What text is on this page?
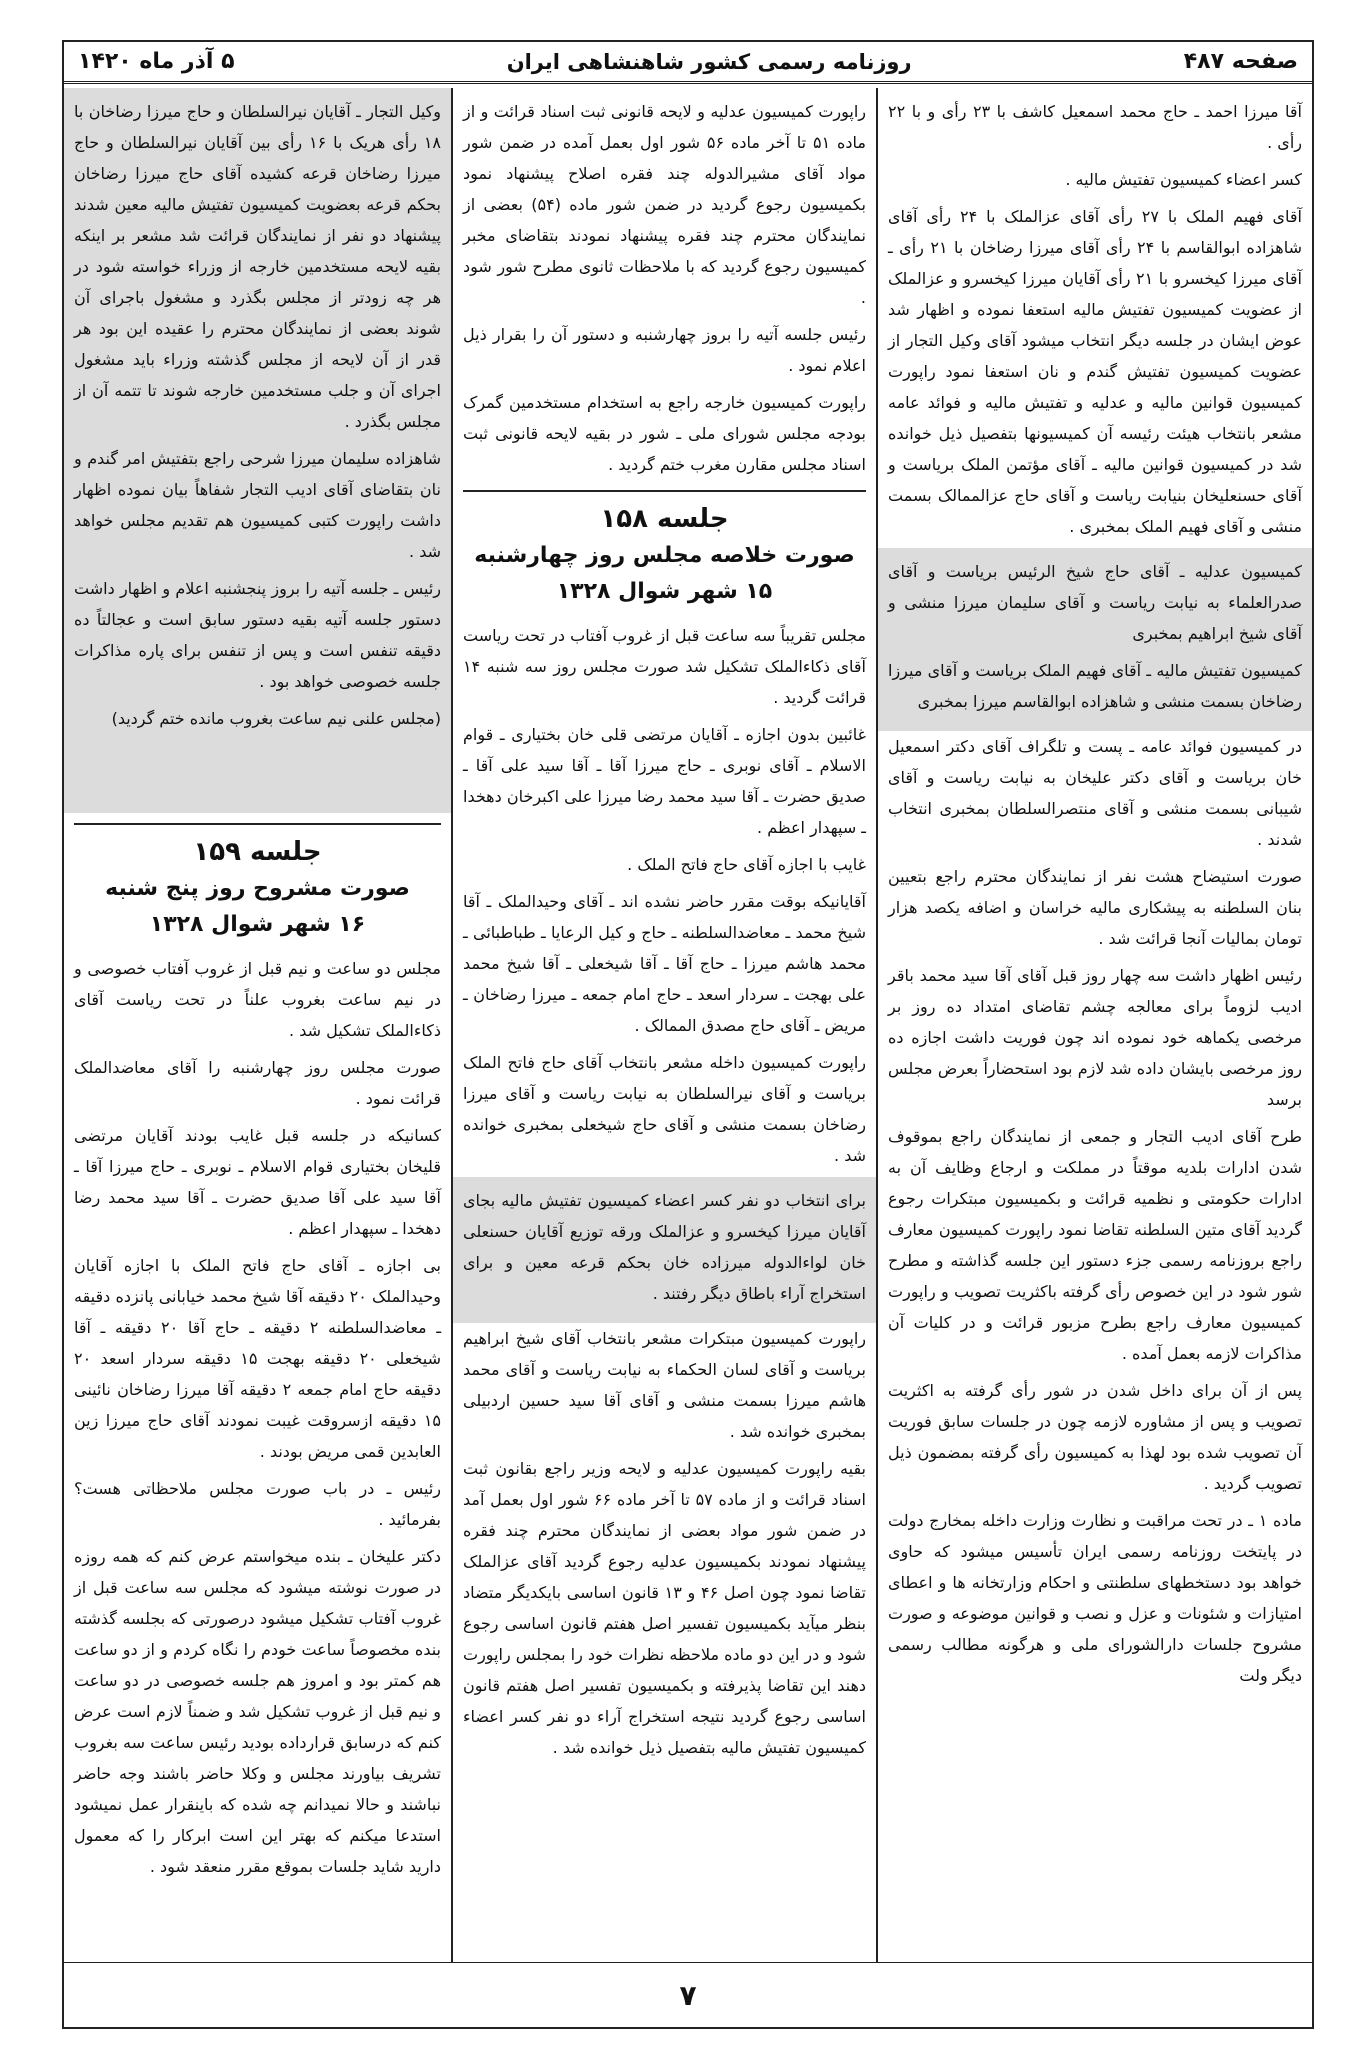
صفحه ۴۸۷
روزنامه رسمی کشور شاهنشاهی ایران
۵ آذر ماه ۱۴۲۰

آقا میرزا احمد ـ حاج محمد اسمعیل کاشف با ۲۳ رأی و با ۲۲ رأی .

کسر اعضاء کمیسیون تفتیش مالیه .

آقای فهیم الملک با ۲۷ رأی آقای عزالملک با ۲۴ رأی آقای شاهزاده ابوالقاسم با ۲۴ رأی آقای میرزا رضاخان با ۲۱ رأی ـ آقای میرزا کیخسرو با ۲۱ رأی آقایان میرزا کیخسرو و عزالملک از عضویت کمیسیون تفتیش مالیه استعفا نموده و اظهار شد عوض ایشان در جلسه دیگر انتخاب میشود آقای وکیل التجار از عضویت کمیسیون تفتیش گندم و نان استعفا نمود راپورت کمیسیون قوانین مالیه و عدلیه و تفتیش مالیه و فوائد عامه مشعر بانتخاب هیئت رئیسه آن کمیسیونها بتفصیل ذیل خوانده شد در کمیسیون قوانین مالیه ـ آقای مؤتمن الملک بریاست و آقای حسنعلیخان بنیابت ریاست و آقای حاج عزالممالک بسمت منشی و آقای فهیم الملک بمخبری .

کمیسیون عدلیه ـ آقای حاج شیخ الرئیس بریاست و آقای صدرالعلماء به نیابت ریاست و آقای سلیمان میرزا منشی و آقای شیخ ابراهیم بمخبری

کمیسیون تفتیش مالیه ـ آقای فهیم الملک بریاست و آقای میرزا رضاخان بسمت منشی و شاهزاده ابوالقاسم میرزا بمخبری

در کمیسیون فوائد عامه ـ پست و تلگراف آقای دکتر اسمعیل خان بریاست و آقای دکتر علیخان به نیابت ریاست و آقای شیبانی بسمت منشی و آقای منتصرالسلطان بمخبری انتخاب شدند .

صورت استیضاح هشت نفر از نمایندگان محترم راجع بتعیین بنان السلطنه به پیشکاری مالیه خراسان و اضافه یکصد هزار تومان بمالیات آنجا قرائت شد .

رئیس اظهار داشت سه چهار روز قبل آقای آقا سید محمد باقر ادیب لزوماً برای معالجه چشم تقاضای امتداد ده روز بر مرخصی یکماهه خود نموده اند چون فوریت داشت اجازه ده روز مرخصی بایشان داده شد لازم بود استحضاراً بعرض مجلس برسد

طرح آقای ادیب التجار و جمعی از نمایندگان راجع بموقوف شدن ادارات بلدیه موقتاً در مملکت و ارجاع وظایف آن به ادارات حکومتی و نظمیه قرائت و بکمیسیون مبتکرات رجوع گردید آقای متین السلطنه تقاضا نمود راپورت کمیسیون معارف راجع بروزنامه رسمی جزء دستور این جلسه گذاشته و مطرح شور شود در این خصوص رأی گرفته باکثریت تصویب و راپورت کمیسیون معارف راجع بطرح مزبور قرائت و در کلیات آن مذاکرات لازمه بعمل آمده .

پس از آن برای داخل شدن در شور رأی گرفته به اکثریت تصویب و پس از مشاوره لازمه چون در جلسات سابق فوریت آن تصویب شده بود لهذا به کمیسیون رأی گرفته بمضمون ذیل تصویب گردید .

ماده ۱ ـ در تحت مراقبت و نظارت وزارت داخله بمخارج دولت در پایتخت روزنامه رسمی ایران تأسیس میشود که حاوی خواهد بود دستخطهای سلطنتی و احکام وزارتخانه ها و اعطای امتیازات و شئونات و عزل و نصب و قوانین موضوعه و صورت مشروح جلسات دارالشورای ملی و هرگونه مطالب رسمی دیگر ولت

راپورت کمیسیون عدلیه و لایحه قانونی ثبت اسناد قرائت و از ماده ۵۱ تا آخر ماده ۵۶ شور اول بعمل آمده در ضمن شور مواد آقای مشیرالدوله چند فقره اصلاح پیشنهاد نمود بکمیسیون رجوع گردید در ضمن شور ماده (۵۴) بعضی از نمایندگان محترم چند فقره پیشنهاد نمودند بتقاضای مخبر کمیسیون رجوع گردید که با ملاحظات ثانوی مطرح شور شود .

رئیس جلسه آتیه را بروز چهارشنبه و دستور آن را بقرار ذیل اعلام نمود .

راپورت کمیسیون خارجه راجع به استخدام مستخدمین گمرک بودجه مجلس شورای ملی ـ شور در بقیه لایحه قانونی ثبت اسناد مجلس مقارن مغرب ختم گردید .

جلسه ۱۵۸
صورت خلاصه مجلس روز چهارشنبه
۱۵ شهر شوال ۱۳۲۸

مجلس تقریباً سه ساعت قبل از غروب آفتاب در تحت ریاست آقای ذکاءالملک تشکیل شد صورت مجلس روز سه شنبه ۱۴ قرائت گردید .

غائبین بدون اجازه ـ آقایان مرتضی قلی خان بختیاری ـ قوام الاسلام ـ آقای نوبری ـ حاج میرزا آقا ـ آقا سید علی آقا ـ صدیق حضرت ـ آقا سید محمد رضا میرزا علی اکبرخان دهخدا ـ سپهدار اعظم .

غایب با اجازه آقای حاج فاتح الملک .

آقایانیکه بوقت مقرر حاضر نشده اند ـ آقای وحیدالملک ـ آقا شیخ محمد ـ معاضدالسلطنه ـ حاج و کیل الرعایا ـ طباطبائی ـ محمد هاشم میرزا ـ حاج آقا ـ آقا شیخعلی ـ آقا شیخ محمد علی بهجت ـ سردار اسعد ـ حاج امام جمعه ـ میرزا رضاخان ـ مریض ـ آقای حاج مصدق الممالک .

راپورت کمیسیون داخله مشعر بانتخاب آقای حاج فاتح الملک بریاست و آقای نیرالسلطان به نیابت ریاست و آقای میرزا رضاخان بسمت منشی و آقای حاج شیخعلی بمخبری خوانده شد .

برای انتخاب دو نفر کسر اعضاء کمیسیون تفتیش مالیه بجای آقایان میرزا کیخسرو و عزالملک ورقه توزیع آقایان حسنعلی خان لواءالدوله میرزاده خان بحکم قرعه معین و برای استخراج آراء باطاق دیگر رفتند .

راپورت کمیسیون مبتکرات مشعر بانتخاب آقای شیخ ابراهیم بریاست و آقای لسان الحکماء به نیابت ریاست و آقای محمد هاشم میرزا بسمت منشی و آقای آقا سید حسین اردبیلی بمخبری خوانده شد .

بقیه راپورت کمیسیون عدلیه و لایحه وزیر راجع بقانون ثبت اسناد قرائت و از ماده ۵۷ تا آخر ماده ۶۶ شور اول بعمل آمد در ضمن شور مواد بعضی از نمایندگان محترم چند فقره پیشنهاد نمودند بکمیسیون عدلیه رجوع گردید آقای عزالملک تقاضا نمود چون اصل ۴۶ و ۱۳ قانون اساسی بایکدیگر متضاد بنظر میآید بکمیسیون تفسیر اصل هفتم قانون اساسی رجوع شود و در این دو ماده ملاحظه نظرات خود را بمجلس راپورت دهند این تقاضا پذیرفته و بکمیسیون تفسیر اصل هفتم قانون اساسی رجوع گردید نتیجه استخراج آراء دو نفر کسر اعضاء کمیسیون تفتیش مالیه بتفصیل ذیل خوانده شد .

وکیل التجار ـ آقایان نیرالسلطان و حاج میرزا رضاخان با ۱۸ رأی هریک با ۱۶ رأی بین آقایان نیرالسلطان و حاج میرزا رضاخان قرعه کشیده آقای حاج میرزا رضاخان بحکم قرعه بعضویت کمیسیون تفتیش مالیه معین شدند پیشنهاد دو نفر از نمایندگان قرائت شد مشعر بر اینکه بقیه لایحه مستخدمین خارجه از وزراء خواسته شود در هر چه زودتر از مجلس بگذرد و مشغول باجرای آن شوند بعضی از نمایندگان محترم را عقیده این بود هر قدر از آن لایحه از مجلس گذشته وزراء باید مشغول اجرای آن و جلب مستخدمین خارجه شوند تا تتمه آن از مجلس بگذرد .

شاهزاده سلیمان میرزا شرحی راجع بتفتیش امر گندم و نان بتقاضای آقای ادیب التجار شفاهاً بیان نموده اظهار داشت راپورت کتبی کمیسیون هم تقدیم مجلس خواهد شد .

رئیس ـ جلسه آتیه را بروز پنجشنبه اعلام و اظهار داشت دستور جلسه آتیه بقیه دستور سابق است و عجالتاً ده دقیقه تنفس است و پس از تنفس برای پاره مذاکرات جلسه خصوصی خواهد بود .

(مجلس علنی نیم ساعت بغروب مانده ختم گردید)

جلسه ۱۵۹
صورت مشروح روز پنج شنبه
۱۶ شهر شوال ۱۳۲۸

مجلس دو ساعت و نیم قبل از غروب آفتاب خصوصی و در نیم ساعت بغروب علناً در تحت ریاست آقای ذکاءالملک تشکیل شد .

صورت مجلس روز چهارشنبه را آقای معاضدالملک قرائت نمود .

کسانیکه در جلسه قبل غایب بودند آقایان مرتضی قلیخان بختیاری قوام الاسلام ـ نوبری ـ حاج میرزا آقا ـ آقا سید علی آقا صدیق حضرت ـ آقا سید محمد رضا دهخدا ـ سپهدار اعظم .

بی اجازه ـ آقای حاج فاتح الملک با اجازه آقایان وحیدالملک ۲۰ دقیقه آقا شیخ محمد خیابانی پانزده دقیقه ـ معاضدالسلطنه ۲ دقیقه ـ حاج آقا ۲۰ دقیقه ـ آقا شیخعلی ۲۰ دقیقه بهجت ۱۵ دقیقه سردار اسعد ۲۰ دقیقه حاج امام جمعه ۲ دقیقه آقا میرزا رضاخان نائینی ۱۵ دقیقه ازسروقت غیبت نمودند آقای حاج میرزا زین العابدین قمی مریض بودند .

رئیس ـ در باب صورت مجلس ملاحظاتی هست؟ بفرمائید .

دکتر علیخان ـ بنده میخواستم عرض کنم که همه روزه در صورت نوشته میشود که مجلس سه ساعت قبل از غروب آفتاب تشکیل میشود درصورتی که بجلسه گذشته بنده مخصوصاً ساعت خودم را نگاه کردم و از دو ساعت هم کمتر بود و امروز هم جلسه خصوصی در دو ساعت و نیم قبل از غروب تشکیل شد و ضمناً لازم است عرض کنم که درسابق قرارداده بودید رئیس ساعت سه بغروب تشریف بیاورند مجلس و وکلا حاضر باشند وجه حاضر نباشند و حالا نمیدانم چه شده که باینقرار عمل نمیشود استدعا میکنم که بهتر این است ابرکار را که معمول دارید شاید جلسات بموقع مقرر منعقد شود .

۷
